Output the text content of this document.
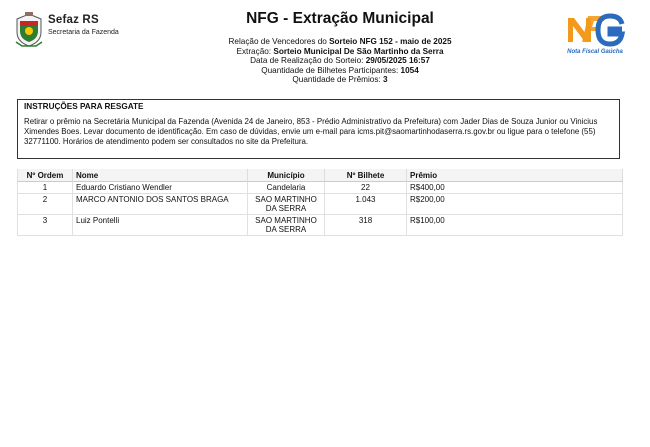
Sefaz RS
Secretaria da Fazenda
NFG - Extração Municipal
Relação de Vencedores do Sorteio NFG 152 - maio de 2025
Extração: Sorteio Municipal De São Martinho da Serra
Data de Realização do Sorteio: 29/05/2025 16:57
Quantidade de Bilhetes Participantes: 1054
Quantidade de Prêmios: 3
Nota Fiscal Gaúcha
INSTRUÇÕES PARA RESGATE
Retirar o prêmio na Secretária Municipal da Fazenda (Avenida 24 de Janeiro, 853 - Prédio Administrativo da Prefeitura) com Jader Dias de Souza Junior ou Vinicius Ximendes Boes. Levar documento de identificação. Em caso de dúvidas, envie um e-mail para icms.pit@saomartinhodaserra.rs.gov.br ou ligue para o telefone (55) 32771100. Horários de atendimento podem ser consultados no site da Prefeitura.
Nº Ordem	Nome	Município	Nº Bilhete	Prêmio
1	Eduardo Cristiano Wendler	Candelaria	22	R$400,00
2	MARCO ANTONIO DOS SANTOS BRAGA	SAO MARTINHO DA SERRA	1.043	R$200,00
3	Luiz Pontelli	SAO MARTINHO DA SERRA	318	R$100,00
